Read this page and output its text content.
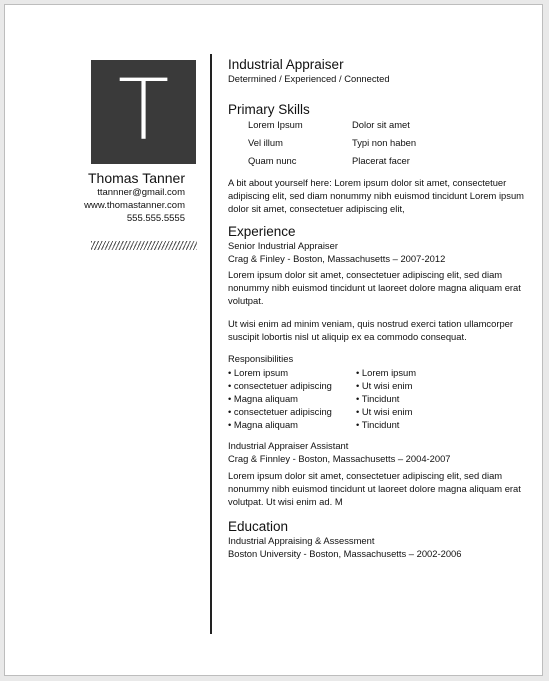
T
Thomas Tanner
ttannner@gmail.com
www.thomastanner.com
555.555.5555
Industrial Appraiser
Determined / Experienced / Connected
Primary Skills
Lorem Ipsum	Dolor sit amet
Vel illum	Typi non haben
Quam nunc	Placerat facer
A bit about yourself here: Lorem ipsum dolor sit amet, consectetuer adipiscing elit, sed diam nonummy nibh euismod tincidunt Lorem ipsum dolor sit amet, consectetuer adipiscing elit,
Experience
Senior Industrial Appraiser
Crag & Finley - Boston, Massachusetts – 2007-2012
Lorem ipsum dolor sit amet, consectetuer adipiscing elit, sed diam nonummy nibh euismod tincidunt ut laoreet dolore magna aliquam erat volutpat.
Ut wisi enim ad minim veniam, quis nostrud exerci tation ullamcorper suscipit lobortis nisl ut aliquip ex ea commodo consequat.
Responsibilities
• Lorem ipsum
• consectetuer adipiscing
• Magna aliquam
• consectetuer adipiscing
• Magna aliquam
• Lorem ipsum
• Ut wisi enim
• Tincidunt
• Ut wisi enim
• Tincidunt
Industrial Appraiser Assistant
Crag & Finnley - Boston, Massachusetts – 2004-2007
Lorem ipsum dolor sit amet, consectetuer adipiscing elit, sed diam nonummy nibh euismod tincidunt ut laoreet dolore magna aliquam erat volutpat. Ut wisi enim ad. M
Education
Industrial Appraising & Assessment
Boston University - Boston, Massachusetts – 2002-2006
